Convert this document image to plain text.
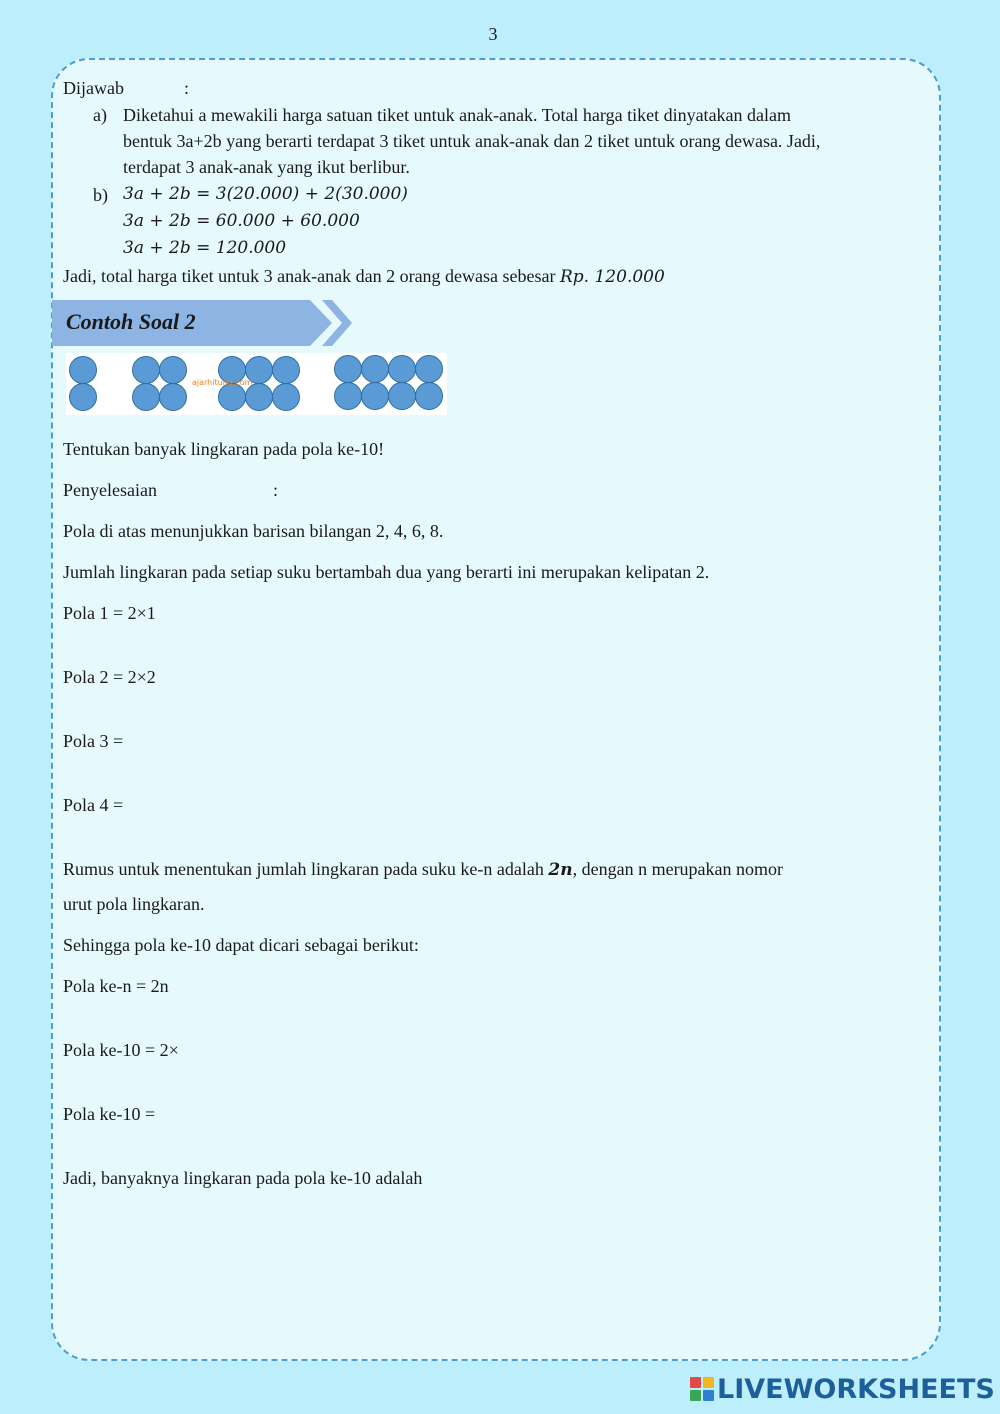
3
Dijawab	:
a) Diketahui a mewakili harga satuan tiket untuk anak-anak. Total harga tiket dinyatakan dalam
bentuk 3a+2b yang berarti terdapat 3 tiket untuk anak-anak dan 2 tiket untuk orang dewasa. Jadi,
terdapat 3 anak-anak yang ikut berlibur.
b) 3a + 2b = 3(20.000) + 2(30.000)
3a + 2b = 60.000 + 60.000
3a + 2b = 120.000
Jadi, total harga tiket untuk 3 anak-anak dan 2 orang dewasa sebesar Rp. 120.000
Contoh Soal 2
ajarhitung.com
Tentukan banyak lingkaran pada pola ke-10!
Penyelesaian	:
Pola di atas menunjukkan barisan bilangan 2, 4, 6, 8.
Jumlah lingkaran pada setiap suku bertambah dua yang berarti ini merupakan kelipatan 2.
Pola 1 = 2×1
Pola 2 = 2×2
Pola 3 =
Pola 4 =
Rumus untuk menentukan jumlah lingkaran pada suku ke-n adalah 2n, dengan n merupakan nomor
urut pola lingkaran.
Sehingga pola ke-10 dapat dicari sebagai berikut:
Pola ke-n = 2n
Pola ke-10 = 2×
Pola ke-10 =
Jadi, banyaknya lingkaran pada pola ke-10 adalah
LIVEWORKSHEETS
